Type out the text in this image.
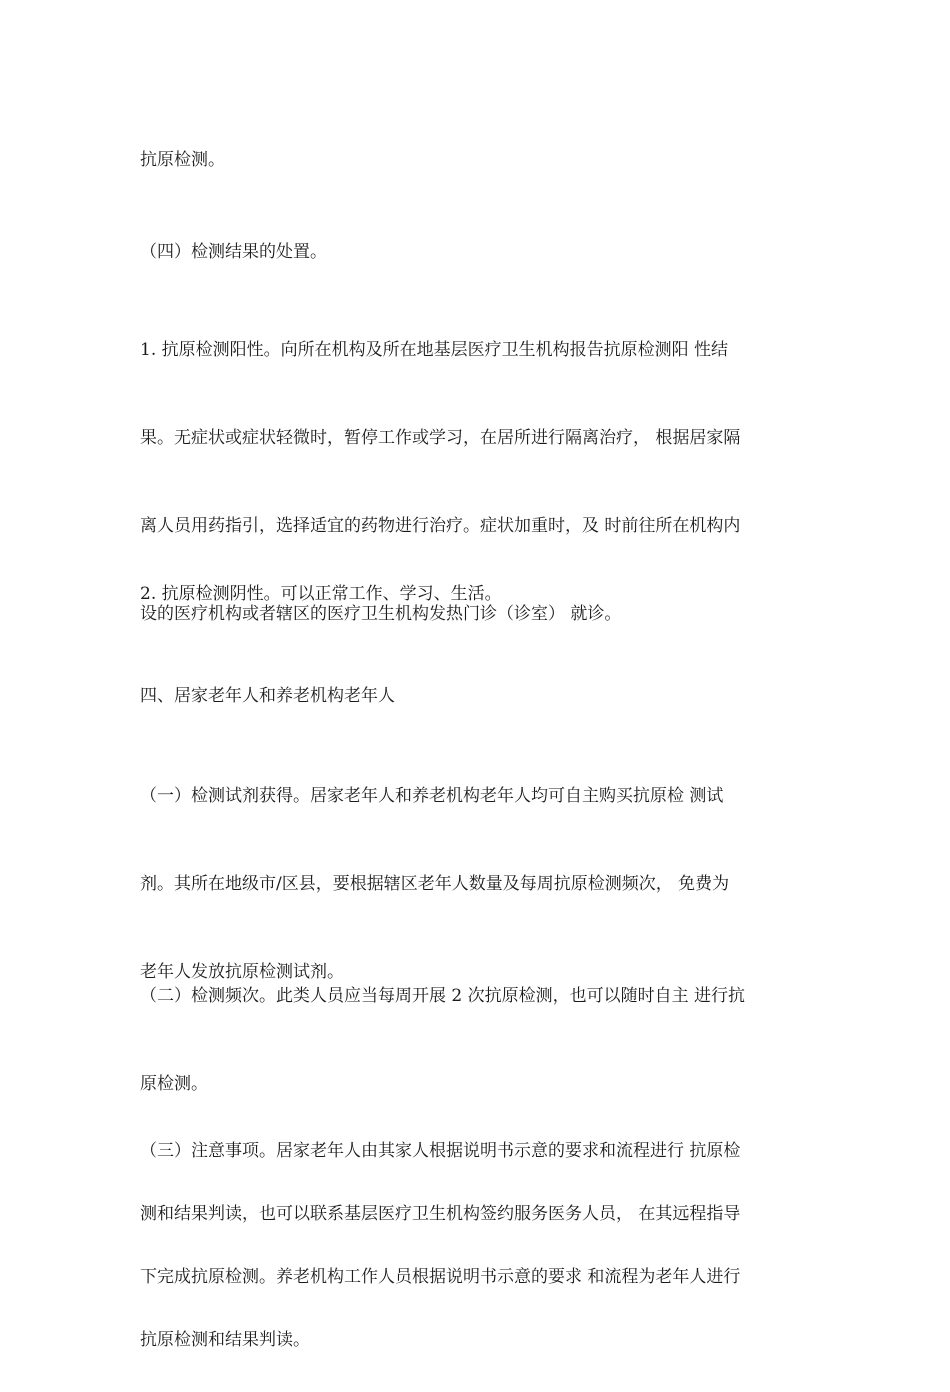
抗原检测。

（四）检测结果的处置。

1. 抗原检测阳性。向所在机构及所在地基层医疗卫生机构报告抗原检测阳 性结

果。无症状或症状轻微时，暂停工作或学习，在居所进行隔离治疗， 根据居家隔

离人员用药指引，选择适宜的药物进行治疗。症状加重时，及 时前往所在机构内

设的医疗机构或者辖区的医疗卫生机构发热门诊（诊室） 就诊。

2. 抗原检测阴性。可以正常工作、学习、生活。

四、居家老年人和养老机构老年人

（一）检测试剂获得。居家老年人和养老机构老年人均可自主购买抗原检 测试

剂。其所在地级市/区县，要根据辖区老年人数量及每周抗原检测频次， 免费为

老年人发放抗原检测试剂。

（二）检测频次。此类人员应当每周开展 2 次抗原检测，也可以随时自主 进行抗

原检测。

（三）注意事项。居家老年人由其家人根据说明书示意的要求和流程进行 抗原检

测和结果判读，也可以联系基层医疗卫生机构签约服务医务人员， 在其远程指导

下完成抗原检测。养老机构工作人员根据说明书示意的要求 和流程为老年人进行

抗原检测和结果判读。
